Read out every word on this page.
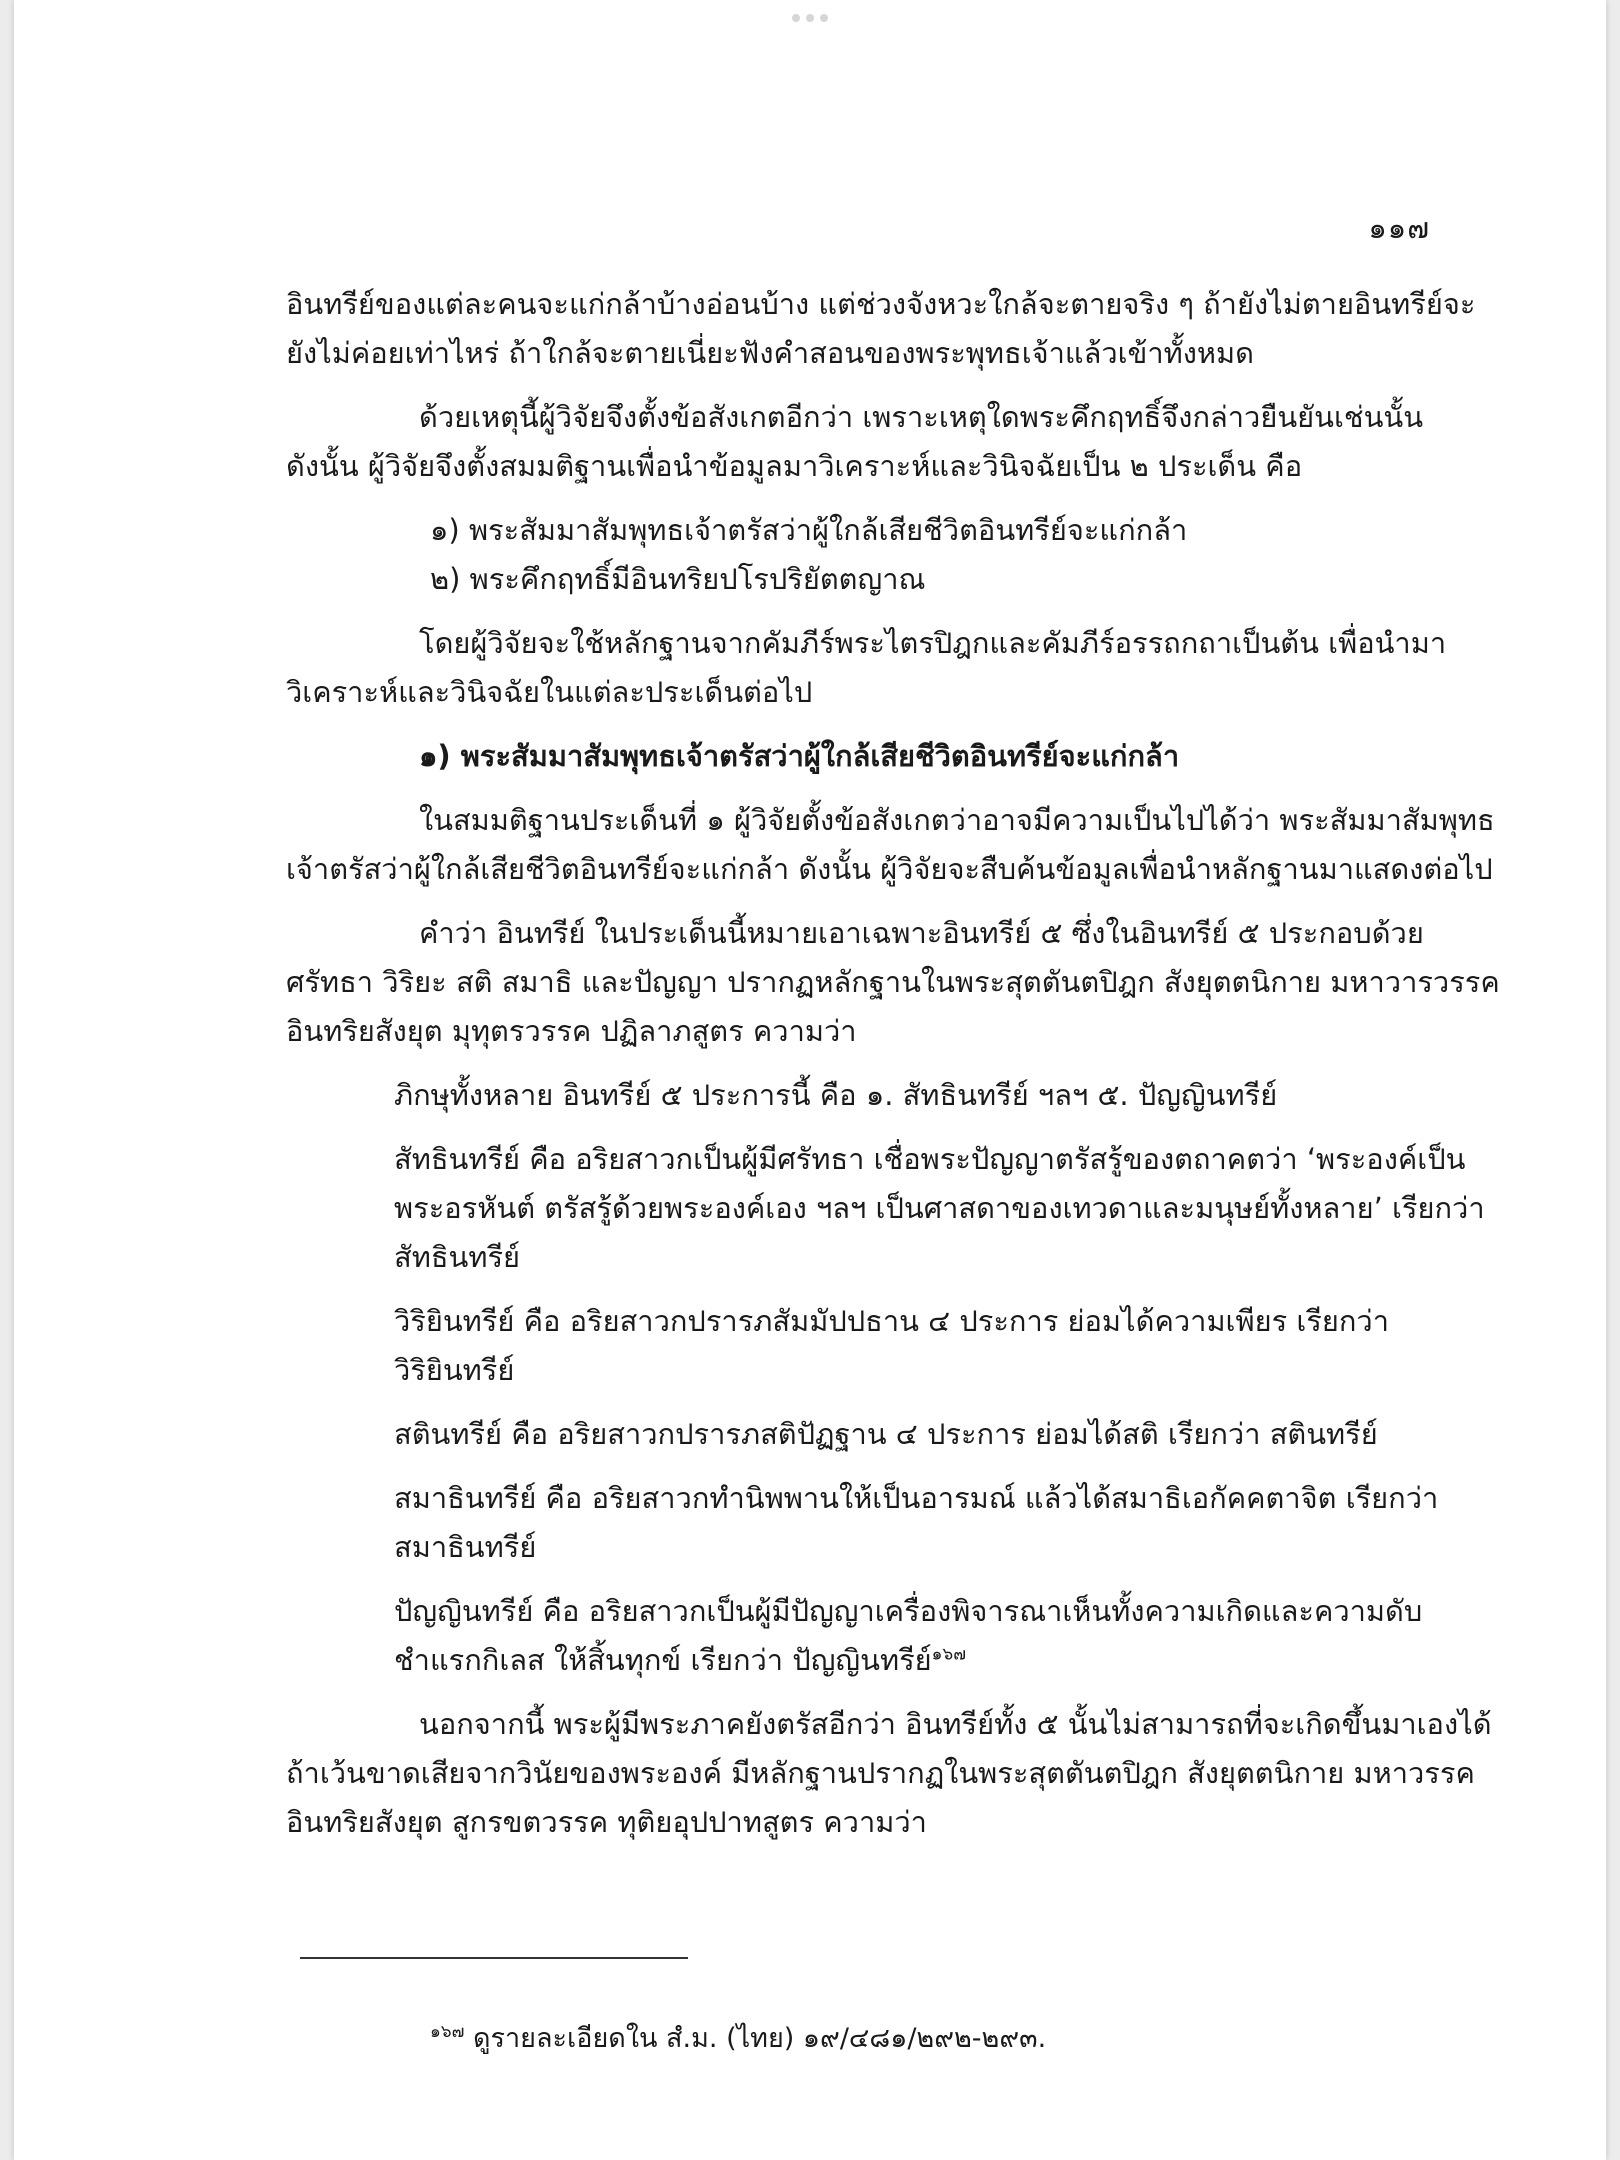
๑๑๗

อินทรีย์ของแต่ละคนจะแก่กล้าบ้างอ่อนบ้าง แต่ช่วงจังหวะใกล้จะตายจริง ๆ ถ้ายังไม่ตายอินทรีย์จะ

ยังไม่ค่อยเท่าไหร่ ถ้าใกล้จะตายเนี่ยะฟังคำสอนของพระพุทธเจ้าแล้วเข้าทั้งหมด

ด้วยเหตุนี้ผู้วิจัยจึงตั้งข้อสังเกตอีกว่า เพราะเหตุใดพระคึกฤทธิ์จึงกล่าวยืนยันเช่นนั้น

ดังนั้น ผู้วิจัยจึงตั้งสมมติฐานเพื่อนำข้อมูลมาวิเคราะห์และวินิจฉัยเป็น ๒ ประเด็น คือ

๑) พระสัมมาสัมพุทธเจ้าตรัสว่าผู้ใกล้เสียชีวิตอินทรีย์จะแก่กล้า

๒) พระคึกฤทธิ์มีอินทริยปโรปริยัตตญาณ

โดยผู้วิจัยจะใช้หลักฐานจากคัมภีร์พระไตรปิฎกและคัมภีร์อรรถกถาเป็นต้น เพื่อนำมา

วิเคราะห์และวินิจฉัยในแต่ละประเด็นต่อไป

๑) พระสัมมาสัมพุทธเจ้าตรัสว่าผู้ใกล้เสียชีวิตอินทรีย์จะแก่กล้า

ในสมมติฐานประเด็นที่ ๑ ผู้วิจัยตั้งข้อสังเกตว่าอาจมีความเป็นไปได้ว่า พระสัมมาสัมพุทธ

เจ้าตรัสว่าผู้ใกล้เสียชีวิตอินทรีย์จะแก่กล้า ดังนั้น ผู้วิจัยจะสืบค้นข้อมูลเพื่อนำหลักฐานมาแสดงต่อไป

คำว่า อินทรีย์ ในประเด็นนี้หมายเอาเฉพาะอินทรีย์ ๕ ซึ่งในอินทรีย์ ๕ ประกอบด้วย

ศรัทธา วิริยะ สติ สมาธิ และปัญญา ปรากฏหลักฐานในพระสุตตันตปิฎก สังยุตตนิกาย มหาวารวรรค

อินทริยสังยุต มุทุตรวรรค ปฏิลาภสูตร ความว่า

ภิกษุทั้งหลาย อินทรีย์ ๕ ประการนี้ คือ ๑. สัทธินทรีย์ ฯลฯ ๕. ปัญญินทรีย์

สัทธินทรีย์ คือ อริยสาวกเป็นผู้มีศรัทธา เชื่อพระปัญญาตรัสรู้ของตถาคตว่า ‘พระองค์เป็น

พระอรหันต์ ตรัสรู้ด้วยพระองค์เอง ฯลฯ เป็นศาสดาของเทวดาและมนุษย์ทั้งหลาย’ เรียกว่า

สัทธินทรีย์

วิริยินทรีย์ คือ อริยสาวกปรารภสัมมัปปธาน ๔ ประการ ย่อมได้ความเพียร เรียกว่า

วิริยินทรีย์

สตินทรีย์ คือ อริยสาวกปรารภสติปัฏฐาน ๔ ประการ ย่อมได้สติ เรียกว่า สตินทรีย์

สมาธินทรีย์ คือ อริยสาวกทำนิพพานให้เป็นอารมณ์ แล้วได้สมาธิเอกัคคตาจิต เรียกว่า

สมาธินทรีย์

ปัญญินทรีย์ คือ อริยสาวกเป็นผู้มีปัญญาเครื่องพิจารณาเห็นทั้งความเกิดและความดับ

ชำแรกกิเลส ให้สิ้นทุกข์ เรียกว่า ปัญญินทรีย์$^{๑๖๗}$

นอกจากนี้ พระผู้มีพระภาคยังตรัสอีกว่า อินทรีย์ทั้ง ๕ นั้นไม่สามารถที่จะเกิดขึ้นมาเองได้

ถ้าเว้นขาดเสียจากวินัยของพระองค์ มีหลักฐานปรากฏในพระสุตตันตปิฎก สังยุตตนิกาย มหาวรรค

อินทริยสังยุต สูกรขตวรรค ทุติยอุปปาทสูตร ความว่า

$^{๑๖๗}$ ดูรายละเอียดใน สํ.ม. (ไทย) ๑๙/๔๘๑/๒๙๒-๒๙๓.
